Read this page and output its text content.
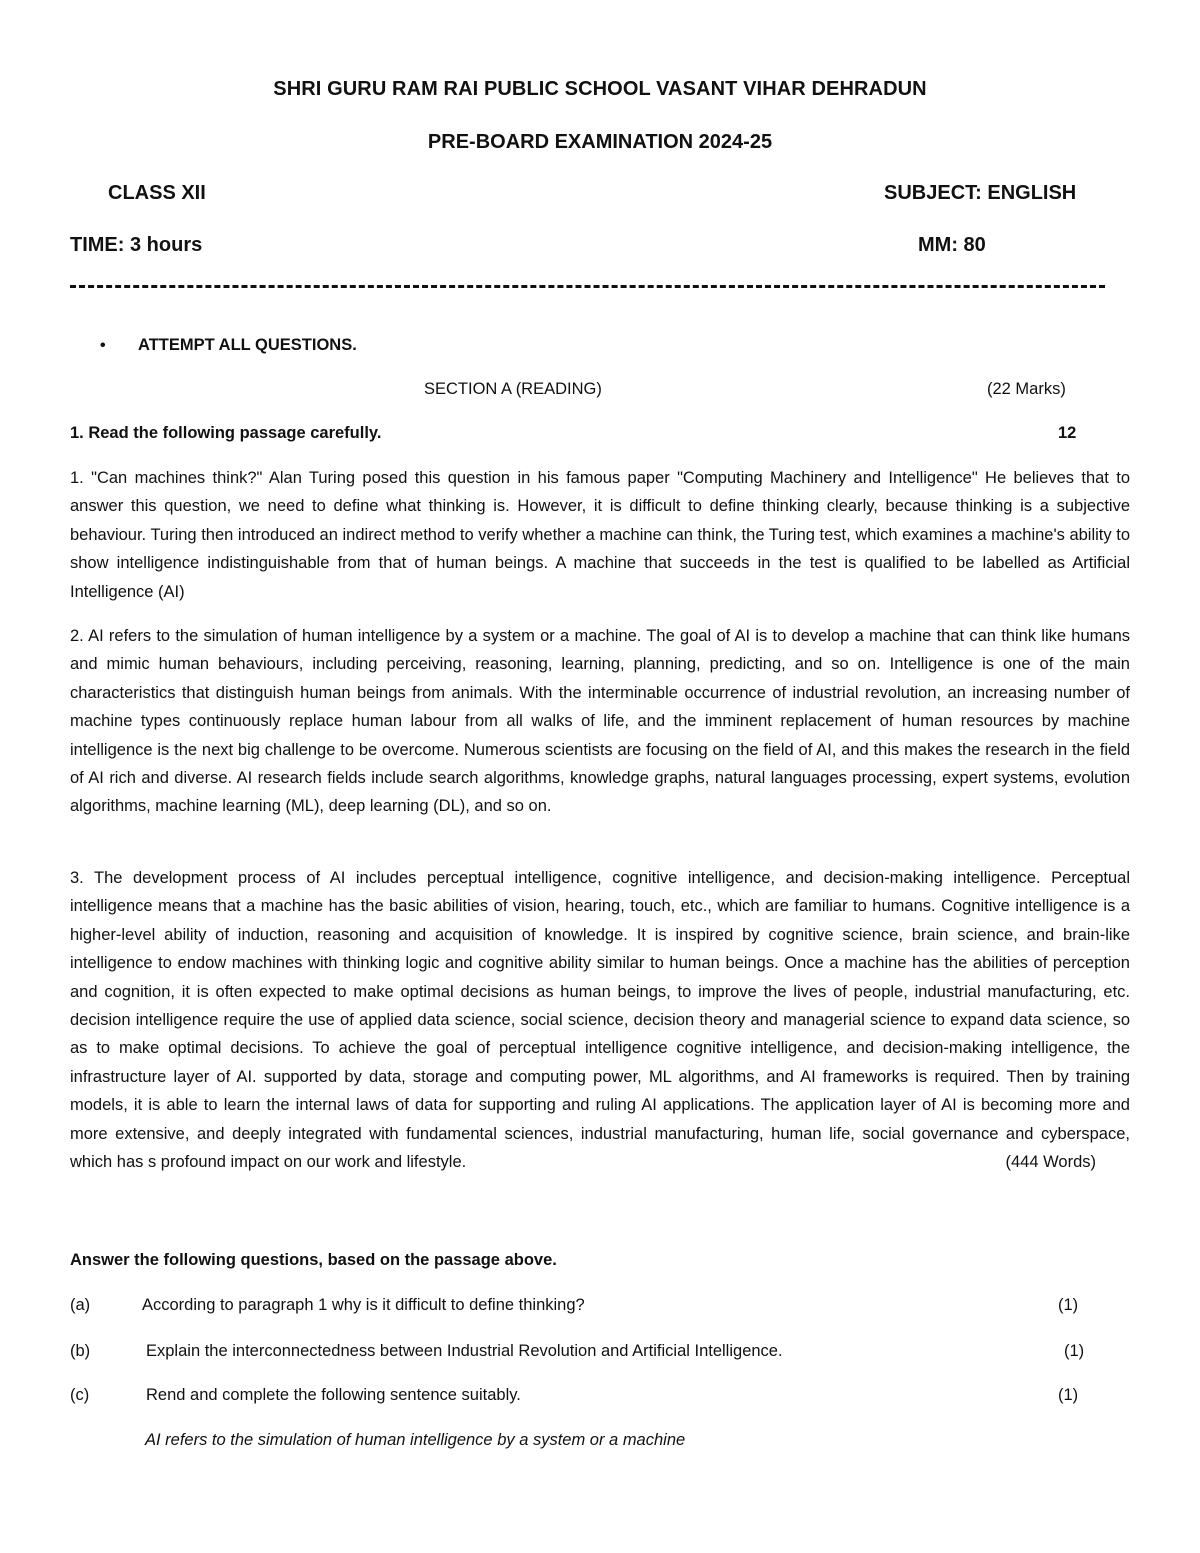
SHRI GURU RAM RAI PUBLIC SCHOOL VASANT VIHAR DEHRADUN
PRE-BOARD EXAMINATION 2024-25
CLASS XII	SUBJECT: ENGLISH
TIME: 3 hours	MM: 80
• ATTEMPT ALL QUESTIONS.
SECTION A (READING)	(22 Marks)
1. Read the following passage carefully.	12

1. "Can machines think?" Alan Turing posed this question in his famous paper "Computing Machinery and Intelligence" He believes that to answer this question, we need to define what thinking is. However, it is difficult to define thinking clearly, because thinking is a subjective behaviour. Turing then introduced an indirect method to verify whether a machine can think, the Turing test, which examines a machine's ability to show intelligence indistinguishable from that of human beings. A machine that succeeds in the test is qualified to be labelled as Artificial Intelligence (AI)

2. AI refers to the simulation of human intelligence by a system or a machine. The goal of AI is to develop a machine that can think like humans and mimic human behaviours, including perceiving, reasoning, learning, planning, predicting, and so on. Intelligence is one of the main characteristics that distinguish human beings from animals. With the interminable occurrence of industrial revolution, an increasing number of machine types continuously replace human labour from all walks of life, and the imminent replacement of human resources by machine intelligence is the next big challenge to be overcome. Numerous scientists are focusing on the field of AI, and this makes the research in the field of AI rich and diverse. AI research fields include search algorithms, knowledge graphs, natural languages processing, expert systems, evolution algorithms, machine learning (ML), deep learning (DL), and so on.

3. The development process of AI includes perceptual intelligence, cognitive intelligence, and decision-making intelligence. Perceptual intelligence means that a machine has the basic abilities of vision, hearing, touch, etc., which are familiar to humans. Cognitive intelligence is a higher-level ability of induction, reasoning and acquisition of knowledge. It is inspired by cognitive science, brain science, and brain-like intelligence to endow machines with thinking logic and cognitive ability similar to human beings. Once a machine has the abilities of perception and cognition, it is often expected to make optimal decisions as human beings, to improve the lives of people, industrial manufacturing, etc. decision intelligence require the use of applied data science, social science, decision theory and managerial science to expand data science, so as to make optimal decisions. To achieve the goal of perceptual intelligence cognitive intelligence, and decision-making intelligence, the infrastructure layer of AI. supported by data, storage and computing power, ML algorithms, and AI frameworks is required. Then by training models, it is able to learn the internal laws of data for supporting and ruling AI applications. The application layer of AI is becoming more and more extensive, and deeply integrated with fundamental sciences, industrial manufacturing, human life, social governance and cyberspace, which has s profound impact on our work and lifestyle.	(444 Words)

Answer the following questions, based on the passage above.
(a)	According to paragraph 1 why is it difficult to define thinking?	(1)
(b)	Explain the interconnectedness between Industrial Revolution and Artificial Intelligence.	(1)
(c)	Rend and complete the following sentence suitably.	(1)
AI refers to the simulation of human intelligence by a system or a machine
